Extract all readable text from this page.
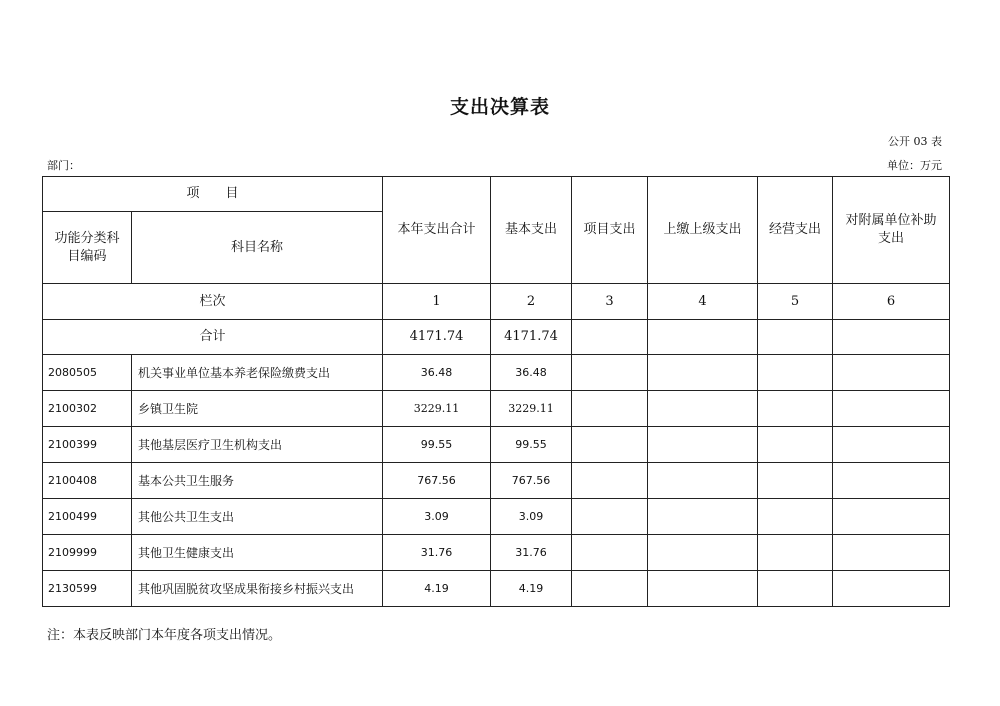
支出决算表
公开 03 表
部门：	单位：万元
项　　目		本年支出合计	基本支出	项目支出	上缴上级支出	经营支出	对附属单位补助支出
功能分类科目编码	科目名称						
栏次		1	2	3	4	5	6
合计		4171.74	4171.74				
2080505	机关事业单位基本养老保险缴费支出	36.48	36.48				
2100302	乡镇卫生院	3229.11	3229.11				
2100399	其他基层医疗卫生机构支出	99.55	99.55				
2100408	基本公共卫生服务	767.56	767.56				
2100499	其他公共卫生支出	3.09	3.09				
2109999	其他卫生健康支出	31.76	31.76				
2130599	其他巩固脱贫攻坚成果衔接乡村振兴支出	4.19	4.19				
注：本表反映部门本年度各项支出情况。
